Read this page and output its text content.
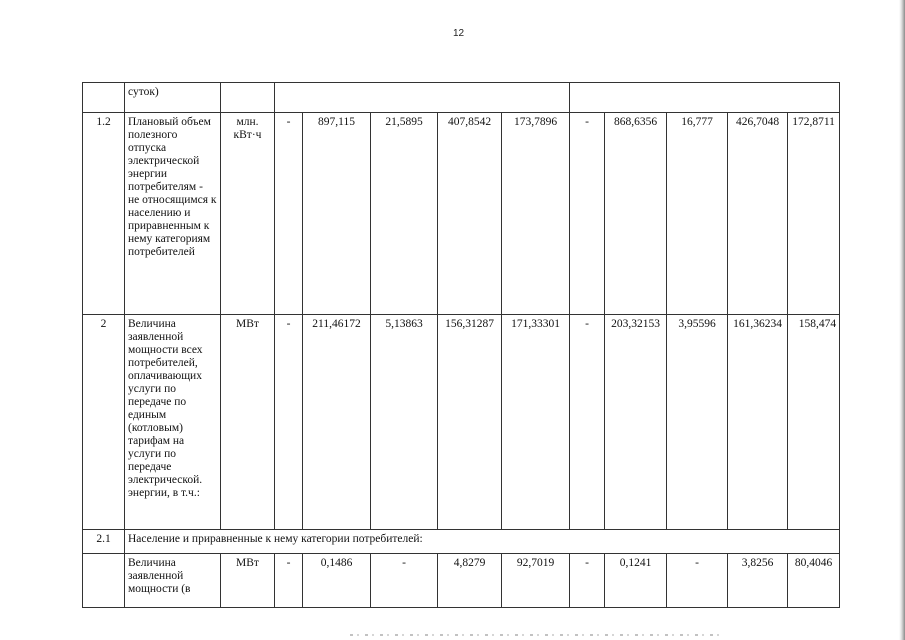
12
	суток)											
1.2	Плановый объем полезного отпуска электрической энергии потребителям - не относящимся к населению и приравненным к нему категориям потребителей	млн. кВт·ч	-	897,115	21,5895	407,8542	173,7896	-	868,6356	16,777	426,7048	172,8711
2	Величина заявленной мощности всех потребителей, оплачивающих услуги по передаче по единым (котловым) тарифам на услуги по передаче электрической. энергии, в т.ч.:	МВт	-	211,46172	5,13863	156,31287	171,33301	-	203,32153	3,95596	161,36234	158,474
2.1	Население и приравненные к нему категории потребителей:											
	Величина заявленной мощности (в	МВт	-	0,1486	-	4,8279	92,7019	-	0,1241	-	3,8256	80,4046
